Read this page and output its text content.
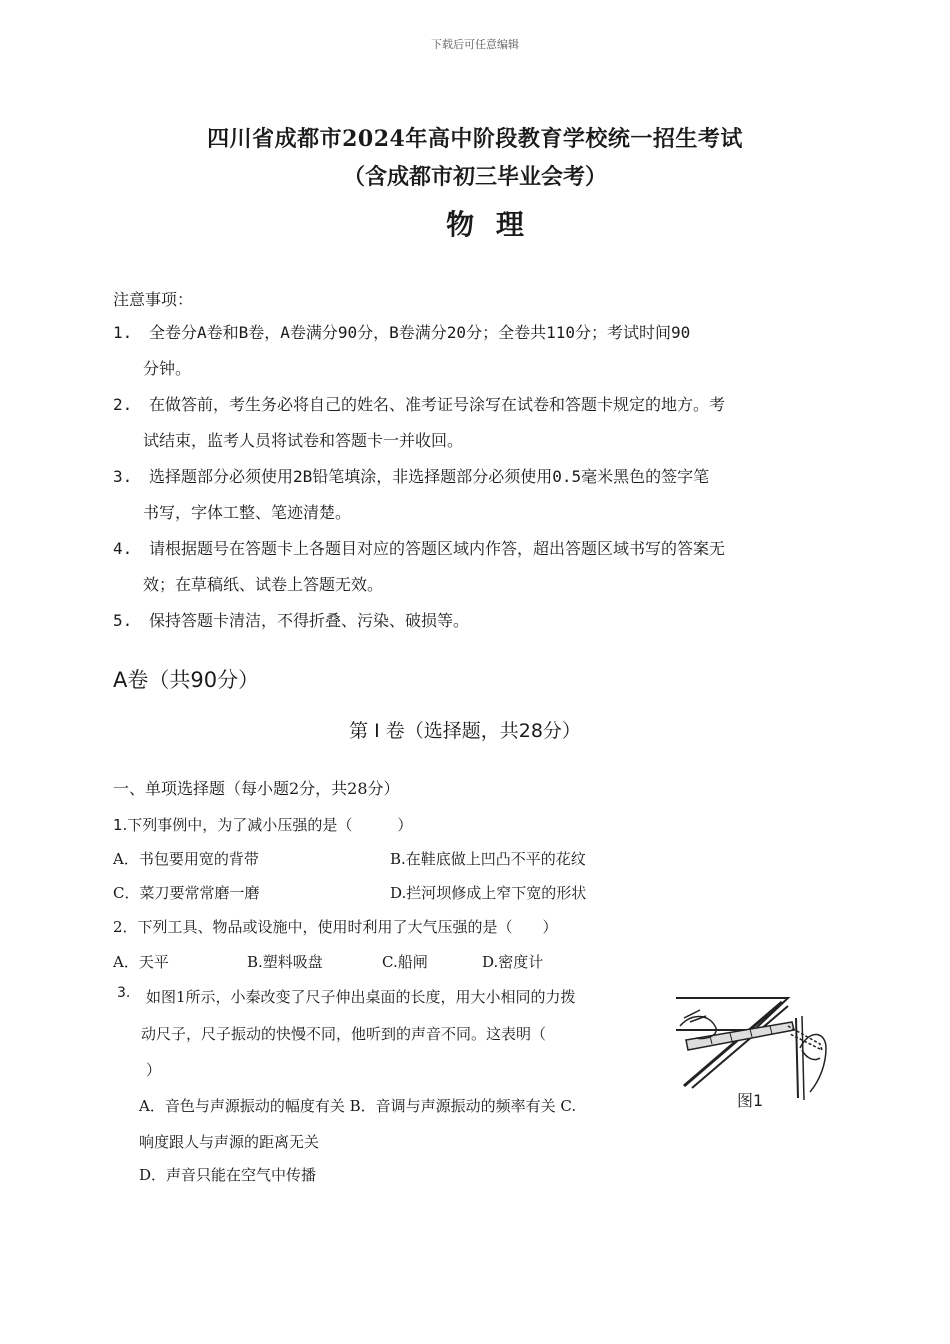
下载后可任意编辑
四川省成都市2024年高中阶段教育学校统一招生考试
（含成都市初三毕业会考）
物 理
注意事项：
1.	全卷分A卷和B卷，A卷满分90分，B卷满分20分；全卷共110分；考试时间90
分钟。
2.	在做答前，考生务必将自己的姓名、准考证号涂写在试卷和答题卡规定的地方。考
试结束，监考人员将试卷和答题卡一并收回。
3.	选择题部分必须使用2B铅笔填涂，非选择题部分必须使用0.5毫米黑色的签字笔
书写，字体工整、笔迹清楚。
4.	请根据题号在答题卡上各题目对应的答题区域内作答，超出答题区域书写的答案无
效；在草稿纸、试卷上答题无效。
5.	保持答题卡清洁，不得折叠、污染、破损等。
A卷（共90分）
第 I 卷（选择题，共28分）
一、单项选择题（每小题2分，共28分）
1.下列事例中，为了减小压强的是（　　　）
A．书包要用宽的背带	B.在鞋底做上凹凸不平的花纹
C．菜刀要常常磨一磨	D.拦河坝修成上窄下宽的形状
2．下列工具、物品或设施中，使用时利用了大气压强的是（　　）
A．天平	B.塑料吸盘	C.船闸	D.密度计
3. 如图1所示，小秦改变了尺子伸出桌面的长度，用大小相同的力拨
动尺子，尺子振动的快慢不同，他听到的声音不同。这表明（
）
A．音色与声源振动的幅度有关 B．音调与声源振动的频率有关 C.
响度跟人与声源的距离无关
D．声音只能在空气中传播
图1
